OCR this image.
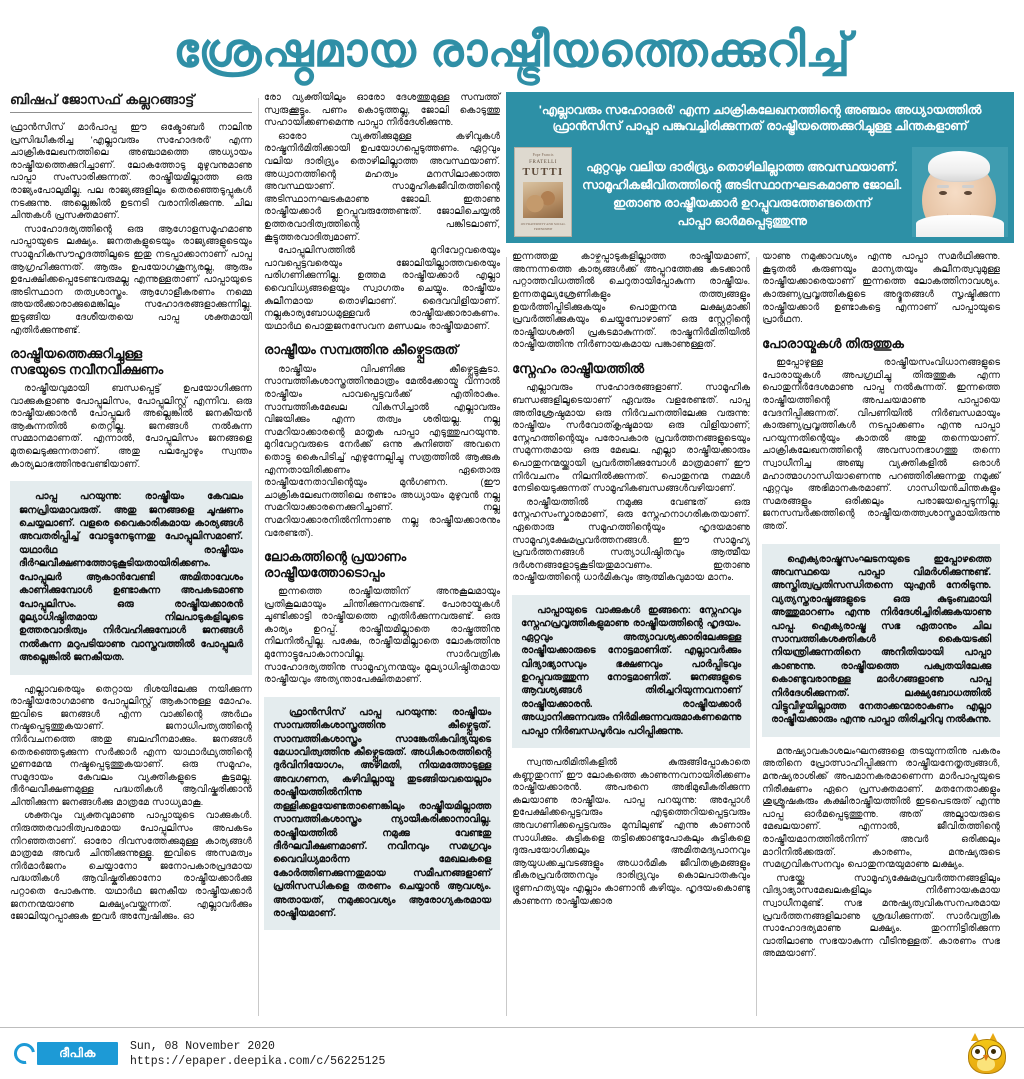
ശ്രേഷ്ഠമായ രാഷ്ട്രീയത്തെക്കുറിച്ച്
ബിഷപ് ജോസഫ് കല്ലറങ്ങാട്ട്

ഫ്രാൻസിസ് മാർപാപ്പ ഈ ഒക്ടോബർ നാലിനു പ്രസിദ്ധീകരിച്ച 'എല്ലാവരും സഹോദരർ' എന്ന ചാക്രികലേഖനത്തിലെ അഞ്ചാമത്തെ അധ്യായം രാഷ്ട്രീയത്തെക്കുറിച്ചാണ്. ലോകത്തോടു മുഴുവനുമാണു പാപ്പാ സംസാരിക്കുന്നത്. രാഷ്ട്രീയമില്ലാത്ത ഒരു രാജ്യംപോലുമില്ല. പല രാജ്യങ്ങളിലും തെരഞ്ഞെടുപ്പുകൾ നടക്കുന്നു. അല്ലെങ്കിൽ ഉടനടി വരാനിരിക്കുന്നു. ചില ചിന്തകൾ പ്രസക്തമാണ്.

സാഹോദര്യത്തിന്റെ ഒരു ആഗോളസമൂഹമാണു പാപ്പായുടെ ലക്ഷ്യം. ജനതകളുടെയും രാജ്യങ്ങളുടെയും സാമൂഹികസൗഹൃദത്തിലൂടെ ഇതു നടപ്പാക്കാനാണ് പാപ്പ ആഗ്രഹിക്കുന്നത്. ആരും ഉപയോഗശൂന്യരല്ല, ആരും ഉപേക്ഷിക്കപ്പെടേണ്ടവരുമല്ല എന്നുള്ളതാണ് പാപ്പായുടെ അടിസ്ഥാന തത്വശാസ്ത്രം. ആഗോളീകരണം നമ്മെ അയൽക്കാരാക്കുമെങ്കിലും സഹോദരങ്ങളാക്കുന്നില്ല. ഇടുങ്ങിയ ദേശീയതയെ പാപ്പ ശക്തമായി എതിർക്കുന്നുണ്ട്.

രാഷ്ട്രീയത്തെക്കുറിച്ചുള്ള
സഭയുടെ നവീനവീക്ഷണം

രാഷ്ട്രീയവുമായി ബന്ധപ്പെട്ട് ഉപയോഗിക്കുന്ന വാക്കുകളാണു പോപ്പുലിസം, പോപ്പുലിസ്റ്റ് എന്നിവ. ഒരു രാഷ്ട്രീയക്കാരൻ പോപ്പുലർ അല്ലെങ്കിൽ ജനകീയൻ ആകുന്നതിൽ തെറ്റില്ല. ജനങ്ങൾ നൽകുന്ന സമ്മാനമാണത്. എന്നാൽ, പോപ്പുലിസം ജനങ്ങളെ മുതലെടുക്കുന്നതാണ്. അതു പലപ്പോഴും സ്വന്തം കാര്യലാഭത്തിനുവേണ്ടിയാണ്.

പാപ്പ പറയുന്നു: രാഷ്ട്രീയം കേവലം ജനപ്രിയമാവരുത്. അതു ജനങ്ങളെ ചൂഷണം ചെയ്യലാണ്. വളരെ വൈകാരികമായ കാര്യങ്ങൾ അവതരിപ്പിച്ച് വോട്ടുനേടുന്നതു പോപ്പുലിസമാണ്. യഥാർഥ രാഷ്ട്രീയം ദീർഘവീക്ഷണത്തോടുകൂടിയതായിരിക്കണം. പോപ്പുലർ ആകാൻവേണ്ടി അമിതാവേശം കാണിക്കുമ്പോൾ ഉണ്ടാകുന്ന അപകടമാണു പോപ്പുലിസം. ഒരു രാഷ്ട്രീയക്കാരൻ മൂല്യാധിഷ്ഠിതമായ നിലപാടുകളിലൂടെ ഉത്തരവാദിത്വം നിർവഹിക്കുമ്പോൾ ജനങ്ങൾ നൽകുന്ന മറുപടിയാണു വാസ്തവത്തിൽ പോപ്പുലർ അല്ലെങ്കിൽ ജനകീയത.

എല്ലാവരെയും തെറ്റായ ദിശയിലേക്കു നയിക്കുന്ന രാഷ്ട്രീയരോഗമാണു പോപ്പുലിസ്റ്റ് ആകാനുള്ള മോഹം. ഇവിടെ ജനങ്ങൾ എന്ന വാക്കിന്റെ അർഥം നഷ്ടപ്പെടുത്തുകയാണ്. ജനാധിപത്യത്തിന്റെ നിർവചനത്തെ അതു ബലഹീനമാക്കും. ജനങ്ങൾ തെരഞ്ഞെടുക്കുന്ന സർക്കാർ എന്ന യാഥാർഥ്യത്തിന്റെ ഗുണമേന്മ നഷ്ടപ്പെടുത്തുകയാണ്. ഒരു സമൂഹം, സമുദായം കേവലം വ്യക്തികളുടെ കൂട്ടമല്ല. ദീർഘവീക്ഷണമുള്ള പദ്ധതികൾ ആവിഷ്കരിക്കാൻ ചിന്തിക്കുന്ന ജനങ്ങൾക്കു മാത്രമേ സാധ്യമാകൂ.

ശക്തവും വ്യക്തവുമാണു പാപ്പായുടെ വാക്കുകൾ. നിരുത്തരവാദിത്വപരമായ പോപ്പുലിസം അപകടം നിറഞ്ഞതാണ്. ഓരോ ദിവസത്തേക്കുമുള്ള കാര്യങ്ങൾ മാത്രമേ അവർ ചിന്തിക്കുന്നുള്ളൂ. ഇവിടെ അസമത്വം നിർമാർജനം ചെയ്യാനോ ജനോപകാരപ്രദമായ പദ്ധതികൾ ആവിഷ്കരിക്കാനോ രാഷ്ട്രീയക്കാർക്കു പറ്റാതെ പോകുന്നു. യഥാർഥ ജനകീയ രാഷ്ട്രീയക്കാർ ജനനന്മയാണു ലക്ഷ്യംവയ്ക്കുന്നത്. എല്ലാവർക്കും ജോലിയുറപ്പാക്കുക ഇവർ അന്വേഷിക്കും. ഓ

രോ വ്യക്തിയിലും ഓരോ ദേശത്തുമുള്ള സമ്പത്ത് സ്വരുക്കൂട്ടും. പണം കൊടുത്തല്ല, ജോലി കൊടുത്തു സഹായിക്കണമെന്നു പാപ്പാ നിർദേശിക്കുന്നു.

ഓരോ വ്യക്തിക്കുമുള്ള കഴിവുകൾ രാഷ്ട്രനിർമിതിക്കായി ഉപയോഗപ്പെടുത്തണം. ഏറ്റവും വലിയ ദാരിദ്ര്യം തൊഴിലില്ലാത്ത അവസ്ഥയാണ്. അധ്വാനത്തിന്റെ മഹത്വം മനസിലാക്കാത്ത അവസ്ഥയാണ്. സാമൂഹികജീവിതത്തിന്റെ അടിസ്ഥാനഘടകമാണു ജോലി. ഇതാണു രാഷ്ട്രീയക്കാർ ഉറപ്പുവരുത്തേണ്ടത്. ജോലിചെയ്യൽ ഉത്തരവാദിത്വത്തിന്റെ പങ്കിടലാണ്, കൂട്ടുത്തരവാദിത്വമാണ്.

പോപ്പുലിസത്തിൽ മുറിവേറ്റവരെയും പാവപ്പെട്ടവരെയും ജോലിയില്ലാത്തവരെയും പരിഗണിക്കുന്നില്ല. ഉത്തമ രാഷ്ട്രീയക്കാർ എല്ലാ വൈവിധ്യങ്ങളെയും സ്വാഗതം ചെയ്യും. രാഷ്ട്രീയം കുലീനമായ തൊഴിലാണ്. ദൈവവിളിയാണ്. നല്ലകാര്യബോധമുള്ളവർ രാഷ്ട്രീയക്കാരാകണം. യഥാർഥ പൊതുജനസേവന മണ്ഡലം രാഷ്ട്രീയമാണ്.

രാഷ്ട്രീയം സമ്പത്തിനു കീഴ്പ്പെടരുത്

രാഷ്ട്രീയം വിപണിക്കു കീഴ്പ്പെട്ടുകൂടാ. സാമ്പത്തികശാസ്ത്രത്തിനുമാത്രം മേൽക്കോയ്മ വന്നാൽ രാഷ്ട്രീയം പാവപ്പെട്ടവർക്ക് എതിരാകും. സാമ്പത്തികമേഖല വികസിച്ചാൽ എല്ലാവരും വിജയിക്കും എന്ന തത്വം ശരിയല്ല. നല്ല സമറിയാക്കാരന്റെ മാതൃക പാപ്പാ എടുത്തുപറയുന്നു. മുറിവേറ്റവരുടെ നേർക്ക് ഒന്നു കുനിഞ്ഞ് അവനെ തൊട്ടു കൈപിടിച്ച് എഴുന്നേല്പിച്ചു സത്രത്തിൽ ആക്കുക എന്നതായിരിക്കണം ഏതൊരു രാഷ്ട്രീയനേതാവിന്റെയും മുൻഗണന. (ഈ ചാക്രികലേഖനത്തിലെ രണ്ടാം അധ്യായം മുഴുവൻ നല്ല സമറിയാക്കാരനെക്കുറിച്ചാണ്. നല്ല സമറിയാക്കാരനിൽനിന്നാണു നല്ല രാഷ്ട്രീയക്കാരനും വരേണ്ടത്).

ലോകത്തിന്റെ പ്രയാണം
രാഷ്ട്രീയത്തോടൊപ്പം

ഇന്നത്തെ രാഷ്ട്രീയത്തിന് അനുകൂലമായും പ്രതികൂലമായും ചിന്തിക്കുന്നവരുണ്ട്. പോരായ്മകൾ ചൂണ്ടിക്കാട്ടി രാഷ്ട്രീയത്തെ എതിർക്കുന്നവരുണ്ട്. ഒരു കാര്യം ഉറപ്പ്. രാഷ്ട്രീയമില്ലാതെ രാഷ്ട്രത്തിനു നിലനിൽപ്പില്ല. പക്ഷേ, രാഷ്ട്രീയമില്ലാതെ ലോകത്തിനു മുന്നോട്ടുപോകാനാവില്ല. സാർവത്രിക സാഹോദര്യത്തിനു സാമൂഹ്യനന്മയും മൂല്യാധിഷ്ഠിതമായ രാഷ്ട്രീയവും അത്യന്താപേക്ഷിതമാണ്.

ഫ്രാൻസിസ് പാപ്പ പറയുന്നു: രാഷ്ട്രീയം സാമ്പത്തികശാസ്ത്രത്തിനു കീഴ്പ്പെടുത്. സാമ്പത്തികശാസ്ത്രം സാങ്കേതികവിദ്യയുടെ മേധാവിത്വത്തിനു കീഴ്പ്പെടരുത്. അധികാരത്തിന്റെ ദുർവിനിയോഗം, അഴിമതി, നിയമത്തോടുള്ള അവഗണന, കഴിവില്ലായ്മ തുടങ്ങിയവയെല്ലാം രാഷ്ട്രീയത്തിൽനിന്നു തള്ളിക്കളയേണ്ടതാണെങ്കിലും രാഷ്ട്രീയമില്ലാത്ത സാമ്പത്തികശാസ്ത്രം ന്യായീകരിക്കാനാവില്ല. രാഷ്ട്രീയത്തിൽ നമുക്കു വേണ്ടതു ദീർഘവീക്ഷണമാണ്. നവീനവും സമഗ്രവും വൈവിധ്യമാർന്ന മേഖലകളെ കോർത്തിണക്കുന്നതുമായ സമീപനങ്ങളാണ് പ്രതിസന്ധികളെ തരണം ചെയ്യാൻ ആവശ്യം. അതായത്, നമുക്കാവശ്യം ആരോഗ്യകരമായ രാഷ്ട്രീയമാണ്.

'എല്ലാവരും സഹോദരർ' എന്ന ചാക്രികലേഖനത്തിന്റെ അഞ്ചാം അധ്യായത്തിൽ
ഫ്രാൻസിസ് പാപ്പാ പങ്കുവച്ചിരിക്കുന്നത് രാഷ്ട്രീയത്തെക്കുറിച്ചുള്ള ചിന്തകളാണ്
Pope Francis
FRATELLI
TUTTI
ON FRATERNITY AND SOCIAL FRIENDSHIP
ഏറ്റവും വലിയ ദാരിദ്ര്യം തൊഴിലില്ലാത്ത അവസ്ഥയാണ്.
സാമൂഹികജീവിതത്തിന്റെ അടിസ്ഥാനഘടകമാണു ജോലി.
ഇതാണു രാഷ്ട്രീയക്കാർ ഉറപ്പുവരുത്തേണ്ടതെന്ന്
പാപ്പാ ഓർമപ്പെടുത്തുന്നു

ഇന്നത്തതു കാഴ്ചപ്പാടുകളില്ലാത്ത രാഷ്ട്രീയമാണ്, അന്നന്നത്തെ കാര്യങ്ങൾക്ക് അപ്പുറത്തേക്കു കടക്കാൻ പറ്റാത്തവിധത്തിൽ ചെറുതായിപ്പോകുന്ന രാഷ്ട്രീയം. ഉന്നതമൂല്യശ്രേണികളും തത്ത്വങ്ങളും ഉയർത്തിപ്പിടിക്കുകയും പൊതുനന്മ ലക്ഷ്യമാക്കി പ്രവർത്തിക്കുകയും ചെയ്യുമ്പോഴാണ് ഒരു സ്റ്റേറ്റിന്റെ രാഷ്ട്രീയശക്തി പ്രകടമാകുന്നത്. രാഷ്ട്രനിർമിതിയിൽ രാഷ്ട്രീയത്തിനു നിർണായകമായ പങ്കാണുള്ളത്.

സ്നേഹം രാഷ്ട്രീയത്തിൽ

എല്ലാവരും സഹോദരങ്ങളാണ്. സാമൂഹിക ബന്ധങ്ങളിലൂടെയാണ് ഏവരും വളരേണ്ടത്. പാപ്പ അതിശ്രേഷ്ഠമായ ഒരു നിർവചനത്തിലേക്കു വരുന്നു: രാഷ്ട്രീയം സർവോത്കൃഷ്ടമായ ഒരു വിളിയാണ്; സ്നേഹത്തിന്റെയും പരോപകാര പ്രവർത്തനങ്ങളുടെയും സമുന്നതമായ ഒരു മേഖല. എല്ലാ രാഷ്ട്രീയക്കാരും പൊതുനന്മയ്ക്കായി പ്രവർത്തിക്കുമ്പോൾ മാത്രമാണ് ഈ നിർവചനം നിലനിൽക്കുന്നത്. പൊതുനന്മ നമ്മൾ നേടിയെടുക്കുന്നത് സാമൂഹികബന്ധങ്ങൾവഴിയാണ്.

രാഷ്ട്രീയത്തിൽ നമുക്കു വേണ്ടത് ഒരു സ്നേഹസംസ്കാരമാണ്, ഒരു സ്നേഹനാഗരികതയാണ്. ഏതൊരു സമൂഹത്തിന്റെയും ഹൃദയമാണു സാമൂഹ്യക്ഷേമപ്രവർത്തനങ്ങൾ. ഈ സാമൂഹ്യ പ്രവർത്തനങ്ങൾ സത്യാധിഷ്ഠിതവും ആത്മീയ ദർശനങ്ങളോടുകൂടിയതുമാവണം. ഇതാണു രാഷ്ട്രീയത്തിന്റെ ധാർമികവും ആത്മികവുമായ മാനം.

പാപ്പായുടെ വാക്കുകൾ ഇങ്ങനെ: സ്നേഹവും സ്നേഹപ്രവൃത്തികളുമാണു രാഷ്ട്രീയത്തിന്റെ ഹൃദയം. ഏറ്റവും അത്യാവശ്യക്കാരിലേക്കുള്ള രാഷ്ട്രീയക്കാരുടെ നോട്ടമാണിത്. എല്ലാവർക്കും വിദ്യാഭ്യാസവും ഭക്ഷണവും പാർപ്പിടവും ഉറപ്പുവരുത്തുന്ന നോട്ടമാണിത്. ജനങ്ങളുടെ ആവശ്യങ്ങൾ തിരിച്ചറിയുന്നവനാണ് രാഷ്ട്രീയക്കാരൻ. രാഷ്ട്രീയക്കാർ അധ്വാനിക്കുന്നവരും നിർമിക്കുന്നവരുമാകണമെന്നു പാപ്പാ നിർബന്ധപൂർവം പഠിപ്പിക്കുന്നു.

സ്വന്തപരിമിതികളിൽ കുരുങ്ങിപ്പോകാതെ കണ്ണുതുറന്ന് ഈ ലോകത്തെ കാണുന്നവനായിരിക്കണം രാഷ്ട്രീയക്കാരൻ. അപരനെ അഭിമുഖീകരിക്കുന്ന കലയാണു രാഷ്ട്രീയം. പാപ്പ പറയുന്നു: അപ്പോൾ ഉപേക്ഷിക്കപ്പെട്ടവരും എടുത്തെറിയപ്പെട്ടവരും അവഗണിക്കപ്പെട്ടവരും മുമ്പിലുണ്ട് എന്നു കാണാൻ സാധിക്കും. കുട്ടികളെ തട്ടിക്കൊണ്ടുപോകലും കുട്ടികളെ ദുരുപയോഗിക്കലും അമിതമദ്യപാനവും ആയുധക്കച്ചവടങ്ങളും അധാർമിക ജീവിതക്രമങ്ങളും ഭീകരപ്രവർത്തനവും ദാരിദ്ര്യവും കൊലപാതകവും ഭ്രൂണഹത്യയും എല്ലാം കാണാൻ കഴിയും. ഹൃദയംകൊണ്ടു കാണുന്ന രാഷ്ട്രീയക്കാര

യാണു നമുക്കാവശ്യം എന്നു പാപ്പാ സമർഥിക്കുന്നു. കൂടുതൽ കരുണയും മാന്യതയും കുലീനത്വവുമുള്ള രാഷ്ട്രീയക്കാരെയാണ് ഇന്നത്തെ ലോകത്തിനാവശ്യം. കാരുണ്യപ്രവൃത്തികളുടെ അദ്ഭുതങ്ങൾ സൃഷ്ടിക്കുന്ന രാഷ്ട്രീയക്കാർ ഉണ്ടാകട്ടെ എന്നാണ് പാപ്പായുടെ പ്രാർഥന.

പോരായ്മകൾ തിരുത്തുക

ഇപ്പോഴുള്ള രാഷ്ട്രീയസംവിധാനങ്ങളുടെ പോരായ്മകൾ അപഗ്രഥിച്ചു തിരുത്തുക എന്ന പൊതുനിർദേശമാണു പാപ്പ നൽകുന്നത്. ഇന്നത്തെ രാഷ്ട്രീയത്തിന്റെ അപചയമാണു പാപ്പായെ വേദനിപ്പിക്കുന്നത്. വിപണിയിൽ നിർബന്ധമായും കാരുണ്യപ്രവൃത്തികൾ നടപ്പാക്കണം എന്നു പാപ്പാ പറയുന്നതിന്റെയും കാതൽ അതു തന്നെയാണ്. ചാക്രികലേഖനത്തിന്റെ അവസാനഭാഗത്തു തന്നെ സ്വാധീനിച്ച അഞ്ചു വ്യക്തികളിൽ ഒരാൾ മഹാത്മാഗാന്ധിയാണെന്നു പറഞ്ഞിരിക്കുന്നതു നമുക്ക് ഏറ്റവും അഭിമാനകരമാണ്. ഗാന്ധിയൻചിന്തകളും സമരങ്ങളും ഒരിക്കലും പരാജയപ്പെടുന്നില്ല. ജനസമ്പർക്കത്തിന്റെ രാഷ്ട്രീയതത്ത്വശാസ്ത്രമായിരുന്നു അത്.

ഐക്യരാഷ്ട്രസംഘടനയുടെ ഇപ്പോഴത്തെ അവസ്ഥയെ പാപ്പാ വിമർശിക്കുന്നുണ്ട്. അസ്തിത്വപ്രതിസന്ധിതന്നെ യുഎൻ നേരിടുന്നു. വ്യത്യസ്തരാഷ്ട്രങ്ങളുടെ ഒരു കുടുംബമായി അത്തുമാറണം എന്നു നിർദേശിച്ചിരിക്കുകയാണു പാപ്പ. ഐക്യരാഷ്ട്ര സഭ ഏതാനും ചില സാമ്പത്തികശക്തികൾ കൈയടക്കി നിയന്ത്രിക്കുന്നതിനെ അനീതിയായി പാപ്പാ കാണുന്നു. രാഷ്ട്രീയത്തെ പക്വതയിലേക്കു കൊണ്ടുവരാനുള്ള മാർഗങ്ങളാണു പാപ്പ നിർദേശിക്കുന്നത്. ലക്ഷ്യബോധത്തിൽ വിട്ടുവീഴ്ചയില്ലാത്ത നേതാക്കന്മാരാകണം എല്ലാ രാഷ്ട്രീയക്കാരും എന്നു പാപ്പാ തിരിച്ചറിവു നൽകുന്നു.

മനുഷ്യാവകാശലംഘനങ്ങളെ തടയുന്നതിനു പകരം അതിനെ പ്രോത്സാഹിപ്പിക്കുന്ന രാഷ്ട്രീയനേതൃത്വങ്ങൾ, മനുഷ്യരാശിക്ക് അപമാനകരമാണെന്ന മാർപാപ്പയുടെ നിരീക്ഷണം ഏറെ പ്രസക്തമാണ്. മതനേതാക്കളും ശുശ്രൂഷകരും കക്ഷിരാഷ്ട്രീയത്തിൽ ഇടപെടരുത് എന്നു പാപ്പ ഓർമപ്പെടുത്തുന്നു. അത് അല്മായരുടെ മേഖലയാണ്. എന്നാൽ, ജീവിതത്തിന്റെ രാഷ്ട്രീയമാനത്തിൽനിന്ന് അവർ ഒരിക്കലും മാറിനിൽക്കരുത്. കാരണം, മനുഷ്യരുടെ സമഗ്രവികസനവും പൊതുനന്മയുമാണു ലക്ഷ്യം.

സഭയ്ക്കു സാമൂഹ്യക്ഷേമപ്രവർത്തനങ്ങളിലും വിദ്യാഭ്യാസമേഖലകളിലും നിർണായകമായ സ്വാധീനമുണ്ട്. സഭ മനുഷ്യത്വവികസനപരമായ പ്രവർത്തനങ്ങളിലാണു ശ്രദ്ധിക്കുന്നത്. സാർവത്രിക സാഹോദര്യമാണു ലക്ഷ്യം. തുറന്നിട്ടിരിക്കുന്ന വാതിലാണു സഭയാകുന്ന വീടിനുള്ളത്. കാരണം സഭ അമ്മയാണ്.

ദീപിക	Sun, 08 November 2020
https://epaper.deepika.com/c/56225125
